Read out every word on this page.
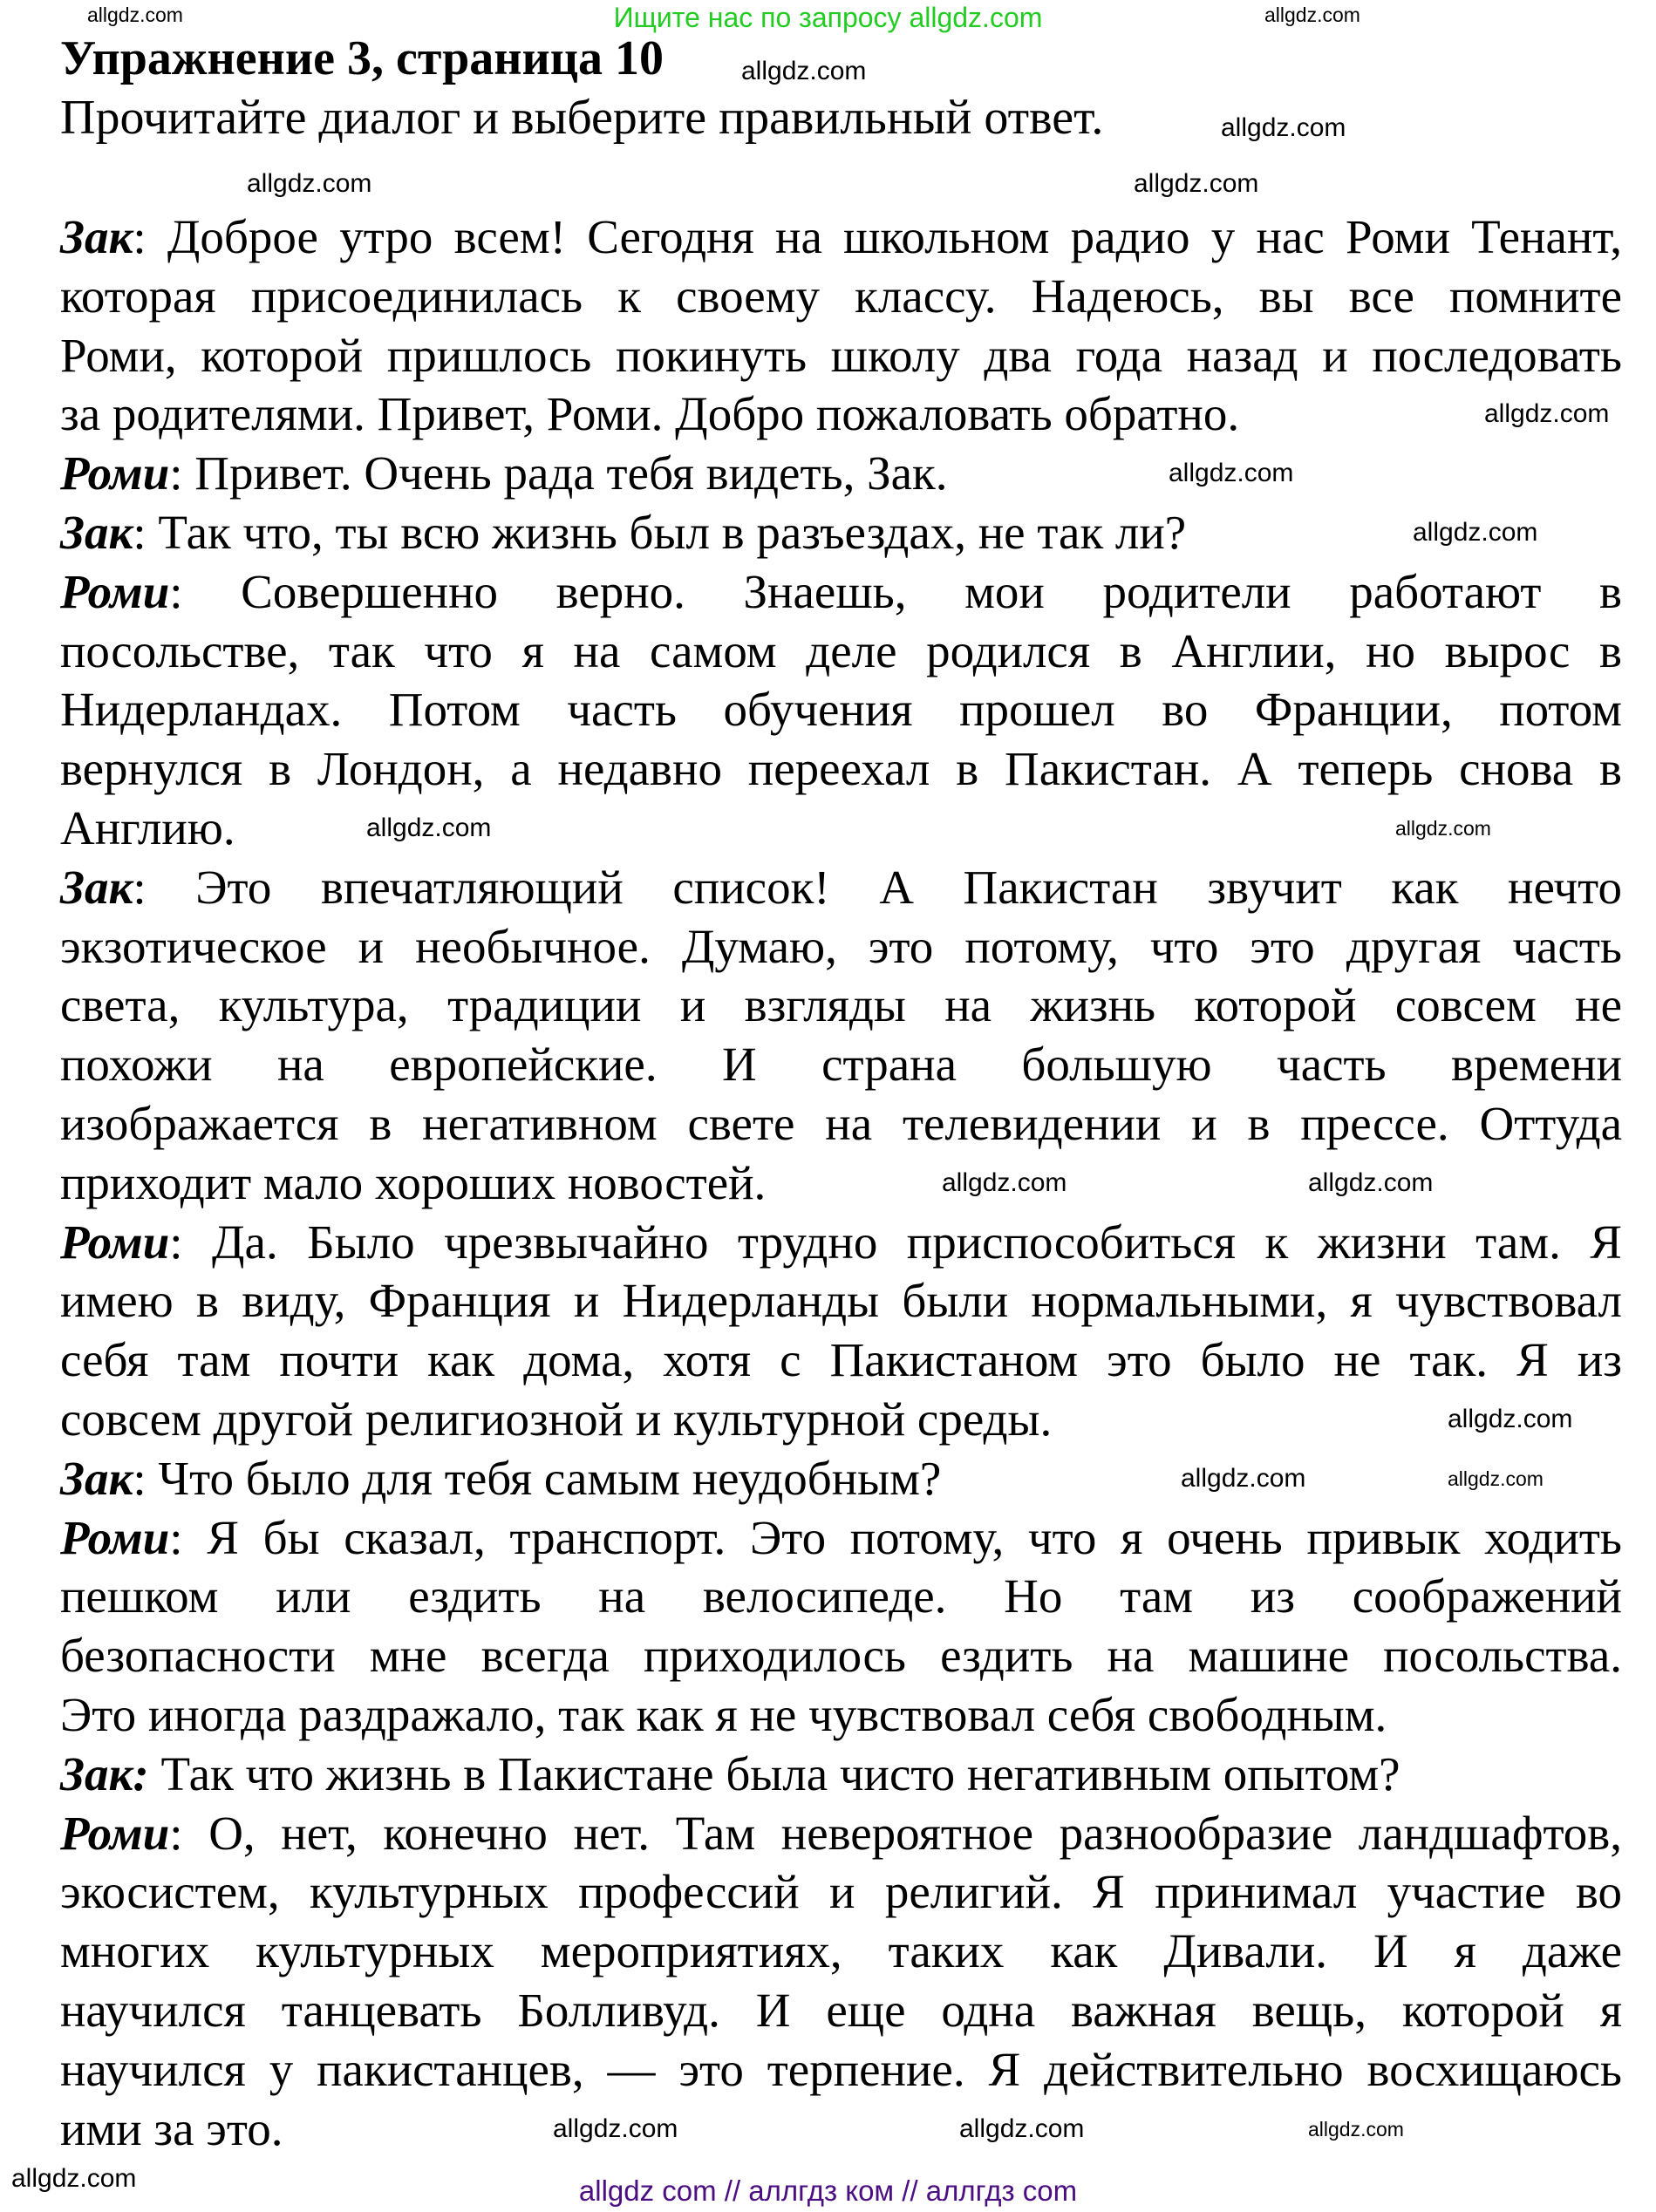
Ищите нас по запросу allgdz.com
Упражнение 3, страница 10
Прочитайте диалог и выберите правильный ответ.
Зак: Доброе утро всем! Сегодня на школьном радио у нас Роми Тенант,
которая присоединилась к своему классу. Надеюсь, вы все помните
Роми, которой пришлось покинуть школу два года назад и последовать
за родителями. Привет, Роми. Добро пожаловать обратно.
Роми: Привет. Очень рада тебя видеть, Зак.
Зак: Так что, ты всю жизнь был в разъездах, не так ли?
Роми: Совершенно верно. Знаешь, мои родители работают в
посольстве, так что я на самом деле родился в Англии, но вырос в
Нидерландах. Потом часть обучения прошел во Франции, потом
вернулся в Лондон, а недавно переехал в Пакистан. А теперь снова в
Англию.
Зак: Это впечатляющий список! А Пакистан звучит как нечто
экзотическое и необычное. Думаю, это потому, что это другая часть
света, культура, традиции и взгляды на жизнь которой совсем не
похожи на европейские. И страна большую часть времени
изображается в негативном свете на телевидении и в прессе. Оттуда
приходит мало хороших новостей.
Роми: Да. Было чрезвычайно трудно приспособиться к жизни там. Я
имею в виду, Франция и Нидерланды были нормальными, я чувствовал
себя там почти как дома, хотя с Пакистаном это было не так. Я из
совсем другой религиозной и культурной среды.
Зак: Что было для тебя самым неудобным?
Роми: Я бы сказал, транспорт. Это потому, что я очень привык ходить
пешком или ездить на велосипеде. Но там из соображений
безопасности мне всегда приходилось ездить на машине посольства.
Это иногда раздражало, так как я не чувствовал себя свободным.
Зак: Так что жизнь в Пакистане была чисто негативным опытом?
Роми: О, нет, конечно нет. Там невероятное разнообразие ландшафтов,
экосистем, культурных профессий и религий. Я принимал участие во
многих культурных мероприятиях, таких как Дивали. И я даже
научился танцевать Болливуд. И еще одна важная вещь, которой я
научился у пакистанцев, — это терпение. Я действительно восхищаюсь
ими за это.
allgdz.com	allgdz.com
allgdz.com
allgdz.com
allgdz.com	allgdz.com
allgdz.com
allgdz.com
allgdz.com
allgdz.com	allgdz.com
allgdz.com	allgdz.com
allgdz.com
allgdz.com	allgdz.com
allgdz.com	allgdz.com	allgdz.com
allgdz.com	allgdz com // аллгдз ком // аллгдз com
